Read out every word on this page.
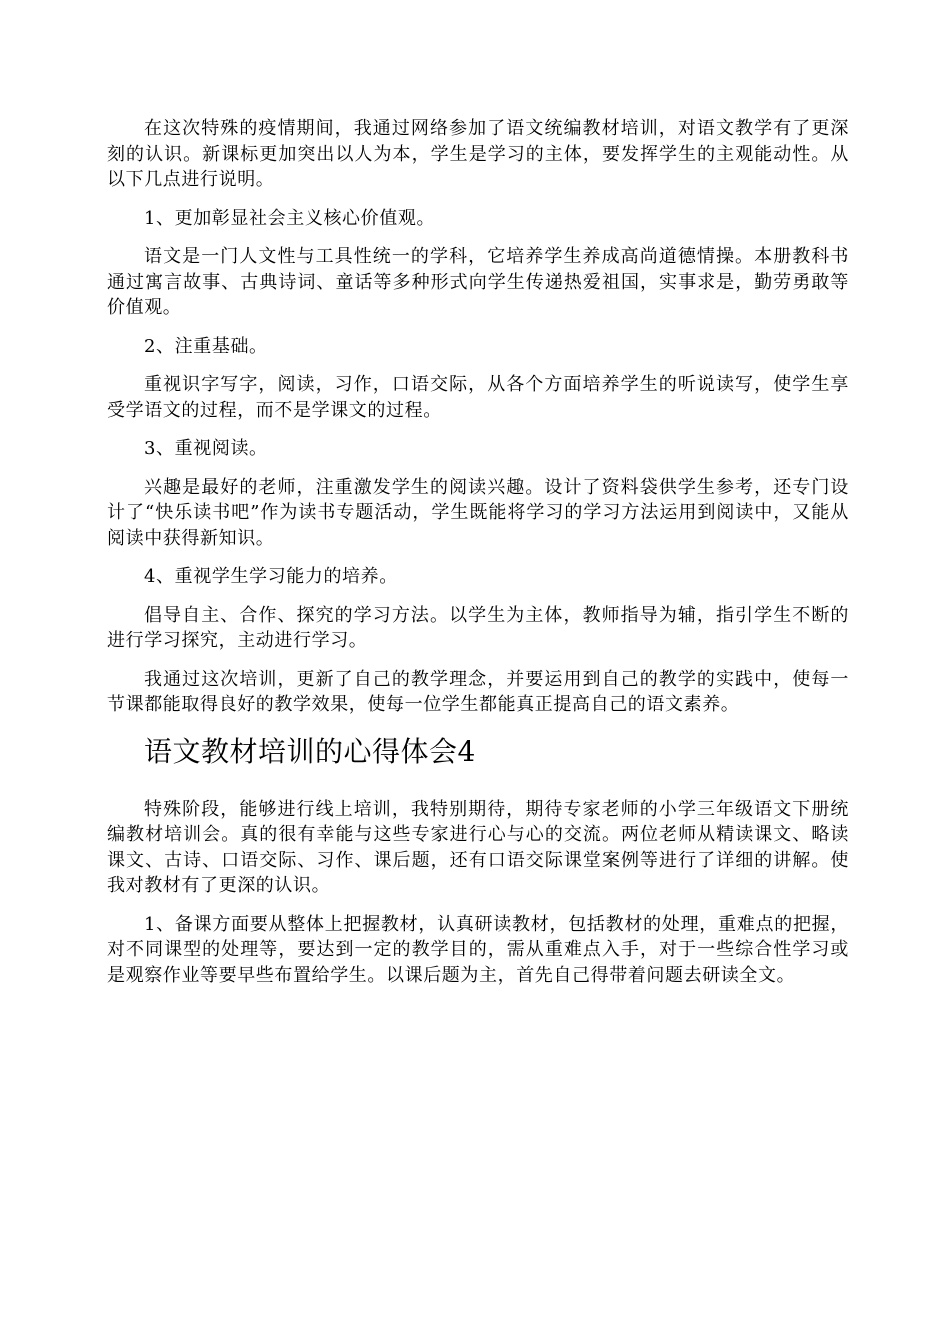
在这次特殊的疫情期间，我通过网络参加了语文统编教材培训，对语文教学有了更深刻的认识。新课标更加突出以人为本，学生是学习的主体，要发挥学生的主观能动性。从以下几点进行说明。

1、更加彰显社会主义核心价值观。

语文是一门人文性与工具性统一的学科，它培养学生养成高尚道德情操。本册教科书通过寓言故事、古典诗词、童话等多种形式向学生传递热爱祖国，实事求是，勤劳勇敢等价值观。

2、注重基础。

重视识字写字，阅读，习作，口语交际，从各个方面培养学生的听说读写，使学生享受学语文的过程，而不是学课文的过程。

3、重视阅读。

兴趣是最好的老师，注重激发学生的阅读兴趣。设计了资料袋供学生参考，还专门设计了“快乐读书吧”作为读书专题活动，学生既能将学习的学习方法运用到阅读中，又能从阅读中获得新知识。

4、重视学生学习能力的培养。

倡导自主、合作、探究的学习方法。以学生为主体，教师指导为辅，指引学生不断的进行学习探究，主动进行学习。

我通过这次培训，更新了自己的教学理念，并要运用到自己的教学的实践中，使每一节课都能取得良好的教学效果，使每一位学生都能真正提高自己的语文素养。

语文教材培训的心得体会4

特殊阶段，能够进行线上培训，我特别期待，期待专家老师的小学三年级语文下册统编教材培训会。真的很有幸能与这些专家进行心与心的交流。两位老师从精读课文、略读课文、古诗、口语交际、习作、课后题，还有口语交际课堂案例等进行了详细的讲解。使我对教材有了更深的认识。

1、备课方面要从整体上把握教材，认真研读教材，包括教材的处理，重难点的把握，对不同课型的处理等，要达到一定的教学目的，需从重难点入手，对于一些综合性学习或是观察作业等要早些布置给学生。以课后题为主，首先自己得带着问题去研读全文。
